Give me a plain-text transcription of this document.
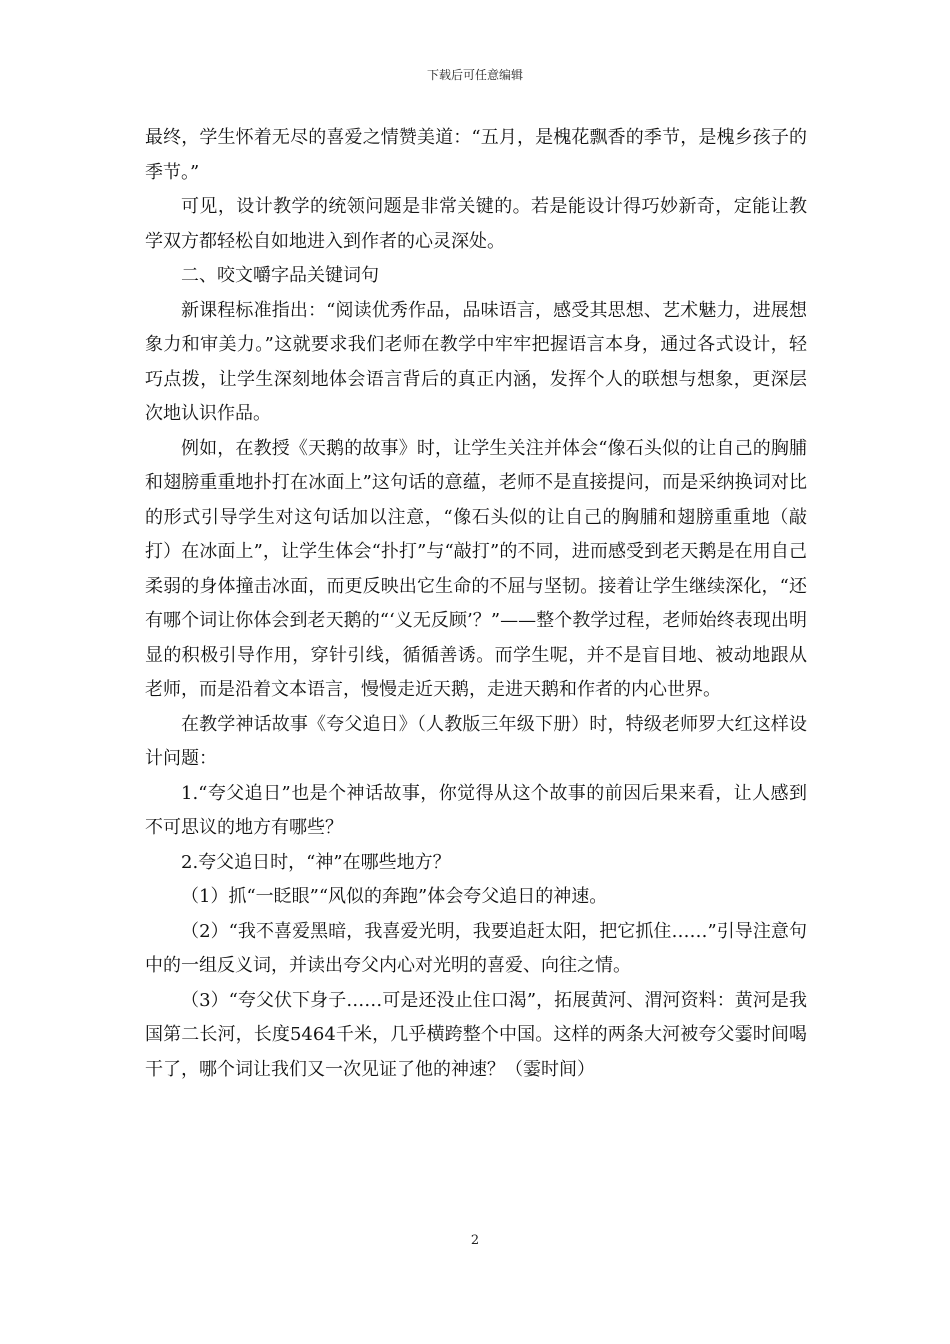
下载后可任意编辑

最终，学生怀着无尽的喜爱之情赞美道：“五月，是槐花飘香的季节，是槐乡孩子的季节。”

可见，设计教学的统领问题是非常关键的。若是能设计得巧妙新奇，定能让教学双方都轻松自如地进入到作者的心灵深处。

二、咬文嚼字品关键词句

新课程标准指出：“阅读优秀作品，品味语言，感受其思想、艺术魅力，进展想象力和审美力。”这就要求我们老师在教学中牢牢把握语言本身，通过各式设计，轻巧点拨，让学生深刻地体会语言背后的真正内涵，发挥个人的联想与想象，更深层次地认识作品。

例如，在教授《天鹅的故事》时，让学生关注并体会“像石头似的让自己的胸脯和翅膀重重地扑打在冰面上”这句话的意蕴，老师不是直接提问，而是采纳换词对比的形式引导学生对这句话加以注意，“像石头似的让自己的胸脯和翅膀重重地（敲打）在冰面上”，让学生体会“扑打”与“敲打”的不同，进而感受到老天鹅是在用自己柔弱的身体撞击冰面，而更反映出它生命的不屈与坚韧。接着让学生继续深化，“还有哪个词让你体会到老天鹅的“‘义无反顾’？”——整个教学过程，老师始终表现出明显的积极引导作用，穿针引线，循循善诱。而学生呢，并不是盲目地、被动地跟从老师，而是沿着文本语言，慢慢走近天鹅，走进天鹅和作者的内心世界。

在教学神话故事《夸父追日》（人教版三年级下册）时，特级老师罗大红这样设计问题：

1.“夸父追日”也是个神话故事，你觉得从这个故事的前因后果来看，让人感到不可思议的地方有哪些？

2.夸父追日时，“神”在哪些地方？

（1）抓“一眨眼”“风似的奔跑”体会夸父追日的神速。

（2）“我不喜爱黑暗，我喜爱光明，我要追赶太阳，把它抓住……”引导注意句中的一组反义词，并读出夸父内心对光明的喜爱、向往之情。

（3）“夸父伏下身子……可是还没止住口渴”，拓展黄河、渭河资料：黄河是我国第二长河，长度5464千米，几乎横跨整个中国。这样的两条大河被夸父霎时间喝干了，哪个词让我们又一次见证了他的神速？（霎时间）

2
